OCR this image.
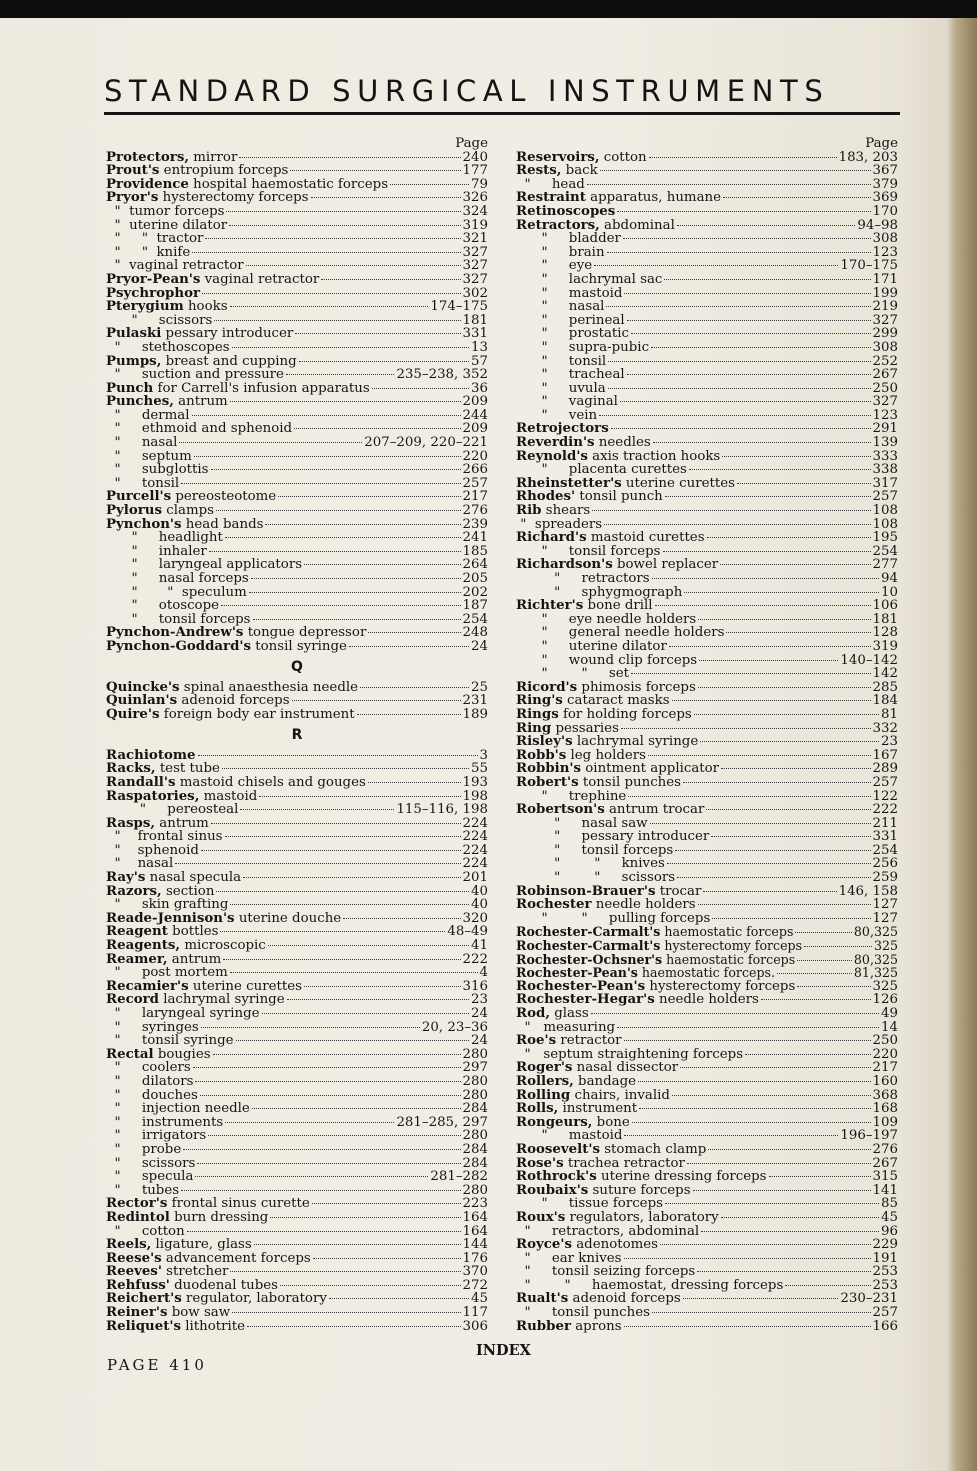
STANDARD SURGICAL INSTRUMENTS
Page
Protectors, mirror	240
Prout's entropium forceps	177
Providence hospital haemostatic forceps	79
Pryor's hysterectomy forceps	326
"  tumor forceps	324
"  uterine dilator	319
"     "  tractor	321
"     "  knife	327
"  vaginal retractor	327
Pryor-Pean's vaginal retractor	327
Psychrophor	302
Pterygium hooks	174–175
"     scissors	181
Pulaski pessary introducer	331
"     stethoscopes	13
Pumps, breast and cupping	57
"     suction and pressure	235–238, 352
Punch for Carrell's infusion apparatus	36
Punches, antrum	209
"     dermal	244
"     ethmoid and sphenoid	209
"     nasal	207–209, 220–221
"     septum	220
"     subglottis	266
"     tonsil	257
Purcell's pereosteotome	217
Pylorus clamps	276
Pynchon's head bands	239
"     headlight	241
"     inhaler	185
"     laryngeal applicators	264
"     nasal forceps	205
"       "  speculum	202
"     otoscope	187
"     tonsil forceps	254
Pynchon-Andrew's tongue depressor	248
Pynchon-Goddard's tonsil syringe	24
Q
Quincke's spinal anaesthesia needle	25
Quinlan's adenoid forceps	231
Quire's foreign body ear instrument	189
R
Rachiotome	3
Racks, test tube	55
Randall's mastoid chisels and gouges	193
Raspatories, mastoid	198
"     pereosteal	115–116, 198
Rasps, antrum	224
"    frontal sinus	224
"    sphenoid	224
"    nasal	224
Ray's nasal specula	201
Razors, section	40
"     skin grafting	40
Reade-Jennison's uterine douche	320
Reagent bottles	48–49
Reagents, microscopic	41
Reamer, antrum	222
"     post mortem	4
Recamier's uterine curettes	316
Record lachrymal syringe	23
"     laryngeal syringe	24
"     syringes	20, 23–36
"     tonsil syringe	24
Rectal bougies	280
"     coolers	297
"     dilators	280
"     douches	280
"     injection needle	284
"     instruments	281–285, 297
"     irrigators	280
"     probe	284
"     scissors	284
"     specula	281–282
"     tubes	280
Rector's frontal sinus curette	223
Redintol burn dressing	164
"     cotton	164
Reels, ligature, glass	144
Reese's advancement forceps	176
Reeves' stretcher	370
Rehfuss' duodenal tubes	272
Reichert's regulator, laboratory	45
Reiner's bow saw	117
Reliquet's lithotrite	306
Page
Reservoirs, cotton	183, 203
Rests, back	367
"     head	379
Restraint apparatus, humane	369
Retinoscopes	170
Retractors, abdominal	94–98
"     bladder	308
"     brain	123
"     eye	170–175
"     lachrymal sac	171
"     mastoid	199
"     nasal	219
"     perineal	327
"     prostatic	299
"     supra-pubic	308
"     tonsil	252
"     tracheal	267
"     uvula	250
"     vaginal	327
"     vein	123
Retrojectors	291
Reverdin's needles	139
Reynold's axis traction hooks	333
"     placenta curettes	338
Rheinstetter's uterine curettes	317
Rhodes' tonsil punch	257
Rib shears	108
"  spreaders	108
Richard's mastoid curettes	195
"     tonsil forceps	254
Richardson's bowel replacer	277
"     retractors	94
"     sphygmograph	10
Richter's bone drill	106
"     eye needle holders	181
"     general needle holders	128
"     uterine dilator	319
"     wound clip forceps	140–142
"        "     set	142
Ricord's phimosis forceps	285
Ring's cataract masks	184
Rings for holding forceps	81
Ring pessaries	332
Risley's lachrymal syringe	23
Robb's leg holders	167
Robbin's ointment applicator	289
Robert's tonsil punches	257
"     trephine	122
Robertson's antrum trocar	222
"     nasal saw	211
"     pessary introducer	331
"     tonsil forceps	254
"        "     knives	256
"        "     scissors	259
Robinson-Brauer's trocar	146, 158
Rochester needle holders	127
"        "     pulling forceps	127
Rochester-Carmalt's haemostatic forceps	80,325
Rochester-Carmalt's hysterectomy forceps	325
Rochester-Ochsner's haemostatic forceps	80,325
Rochester-Pean's haemostatic forceps.	81,325
Rochester-Pean's hysterectomy forceps	325
Rochester-Hegar's needle holders	126
Rod, glass	49
"   measuring	14
Roe's retractor	250
"   septum straightening forceps	220
Roger's nasal dissector	217
Rollers, bandage	160
Rolling chairs, invalid	368
Rolls, instrument	168
Rongeurs, bone	109
"     mastoid	196–197
Roosevelt's stomach clamp	276
Rose's trachea retractor	267
Rothrock's uterine dressing forceps	315
Roubaix's suture forceps	141
"     tissue forceps	85
Roux's regulators, laboratory	45
"     retractors, abdominal	96
Royce's adenotomes	229
"     ear knives	191
"     tonsil seizing forceps	253
"        "     haemostat, dressing forceps	253
Rualt's adenoid forceps	230–231
"     tonsil punches	257
Rubber aprons	166
PAGE 410
INDEX
